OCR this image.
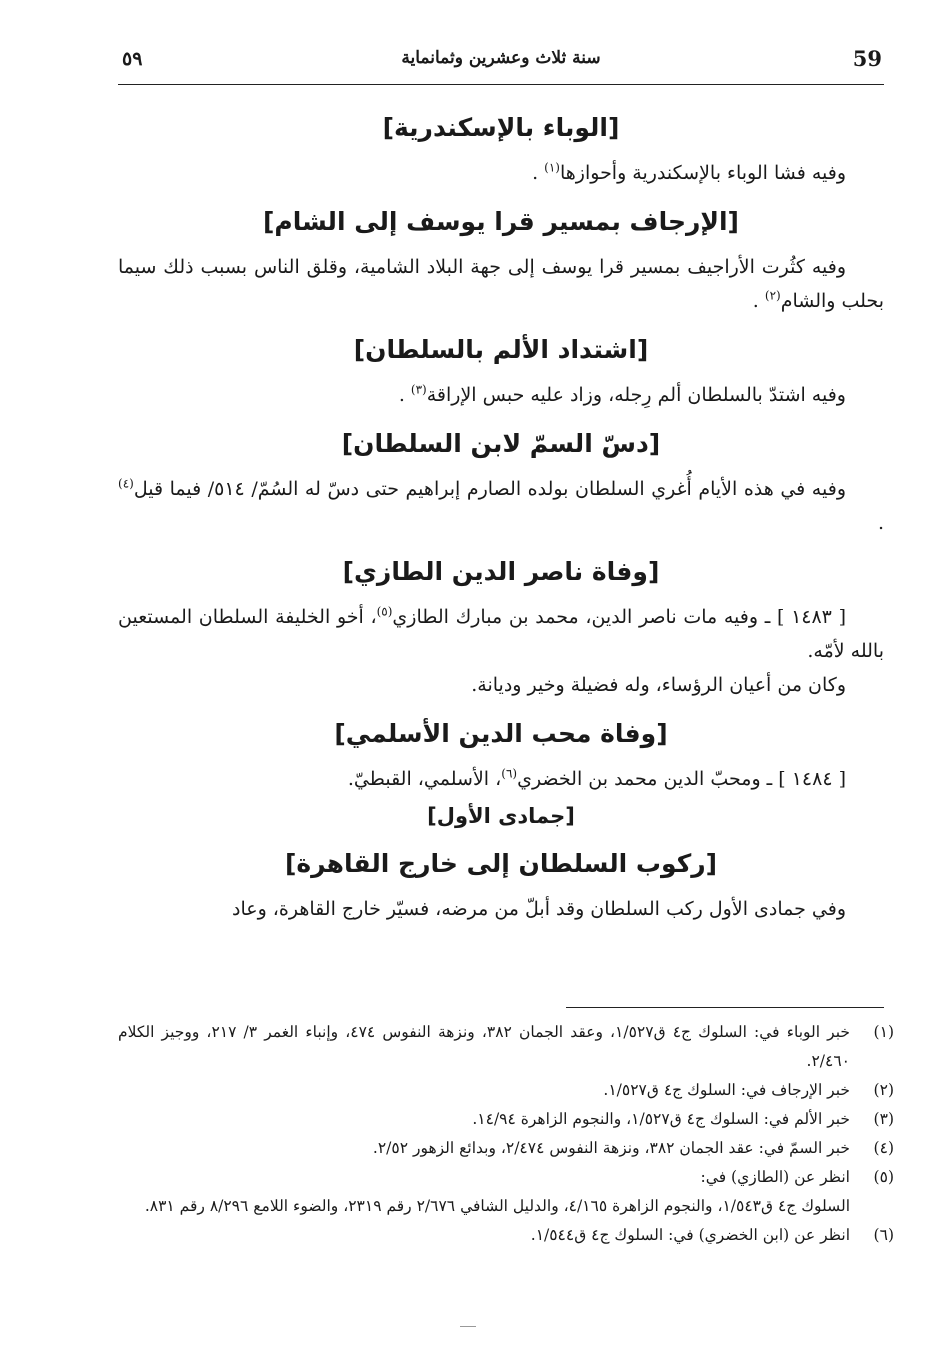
59
سنة ثلاث وعشرين وثمانماية
٥٩
[الوباء بالإسكندرية]

وفيه فشا الوباء بالإسكندرية وأحوازها$^{(١)}$ .

[الإرجاف بمسير قرا يوسف إلى الشام]

وفيه كثُرت الأراجيف بمسير قرا يوسف إلى جهة البلاد الشامية، وقلق الناس بسبب ذلك سيما بحلب والشام$^{(٢)}$ .

[اشتداد الألم بالسلطان]

وفيه اشتدّ بالسلطان ألم رِجله، وزاد عليه حبس الإراقة$^{(٣)}$ .

[دسّ السمّ لابن السلطان]

وفيه في هذه الأيام أُغري السلطان بولده الصارم إبراهيم حتى دسّ له السُمّ/ ٥١٤/ فيما قيل$^{(٤)}$ .

[وفاة ناصر الدين الطازي]

[ ١٤٨٣ ] ـ وفيه مات ناصر الدين، محمد بن مبارك الطازي$^{(٥)}$، أخو الخليفة السلطان المستعين بالله لأمّه.

وكان من أعيان الرؤساء، وله فضيلة وخير وديانة.

[وفاة محب الدين الأسلمي]

[ ١٤٨٤ ] ـ ومحبّ الدين محمد بن الخضري$^{(٦)}$، الأسلمي، القبطيّ.

[جمادى الأول]
[ركوب السلطان إلى خارج القاهرة]

وفي جمادى الأول ركب السلطان وقد أبلّ من مرضه، فسيّر خارج القاهرة، وعاد

(١)
خبر الوباء في: السلوك ج٤ ق١/٥٢٧، وعقد الجمان ٣٨٢، ونزهة النفوس ٤٧٤، وإنباء الغمر ٣/ ٢١٧، ووجيز الكلام ٢/٤٦٠.
(٢)
خبر الإرجاف في: السلوك ج٤ ق١/٥٢٧.
(٣)
خبر الألم في: السلوك ج٤ ق١/٥٢٧، والنجوم الزاهرة ١٤/٩٤.
(٤)
خبر السمّ في: عقد الجمان ٣٨٢، ونزهة النفوس ٢/٤٧٤، وبدائع الزهور ٢/٥٢.
(٥)
انظر عن (الطازي) في:

السلوك ج٤ ق١/٥٤٣، والنجوم الزاهرة ٤/١٦٥، والدليل الشافي ٢/٦٧٦ رقم ٢٣١٩، والضوء اللامع ٨/٢٩٦ رقم ٨٣١.

(٦)
انظر عن (ابن الخضري) في: السلوك ج٤ ق١/٥٤٤.
